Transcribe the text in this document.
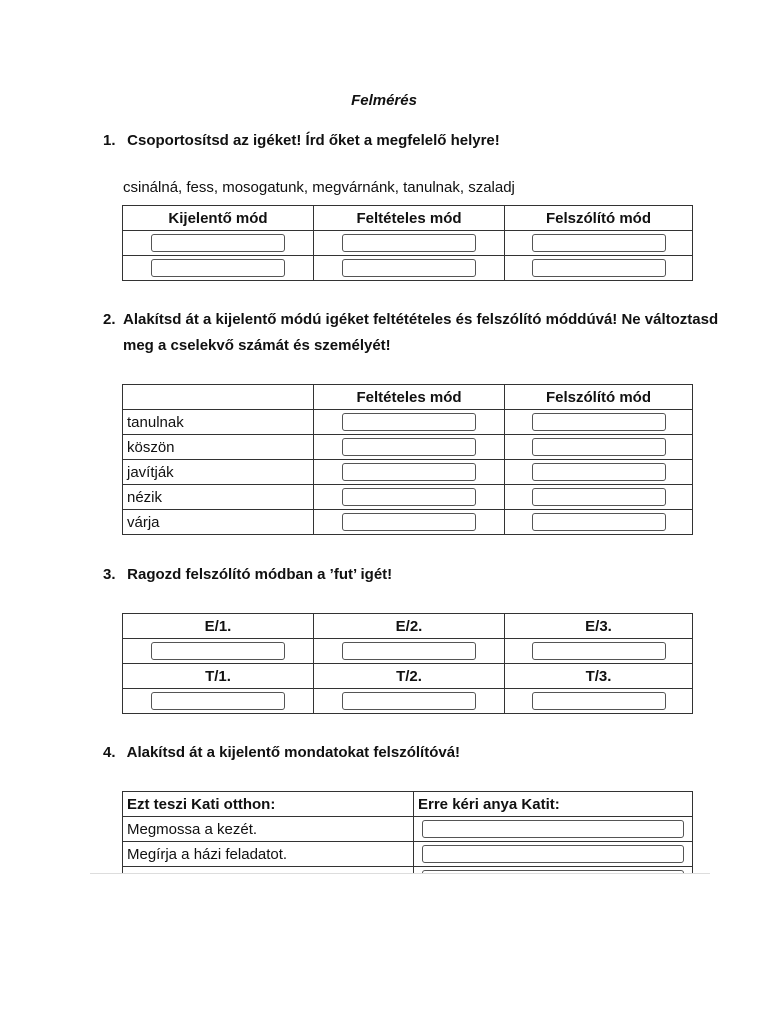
Felmérés
1. Csoportosítsd az igéket! Írd őket a megfelelő helyre!
csinálná, fess, mosogatunk, megvárnánk, tanulnak, szaladj
Kijelentő mód	Feltételes mód	Felszólító mód

2. Alakítsd át a kijelentő módú igéket feltétételes és felszólító móddúvá! Ne változtasd
meg a cselekvő számát és személyét!
	Feltételes mód	Felszólító mód
tanulnak		
köszön		
javítják		
nézik		
várja		
3. Ragozd felszólító módban a ’fut’ igét!
E/1.	E/2.	E/3.

T/1.	T/2.	T/3.

4. Alakítsd át a kijelentő mondatokat felszólítóvá!
Ezt teszi Kati otthon:	Erre kéri anya Katit:
Megmossa a kezét.	
Megírja a házi feladatot.	
